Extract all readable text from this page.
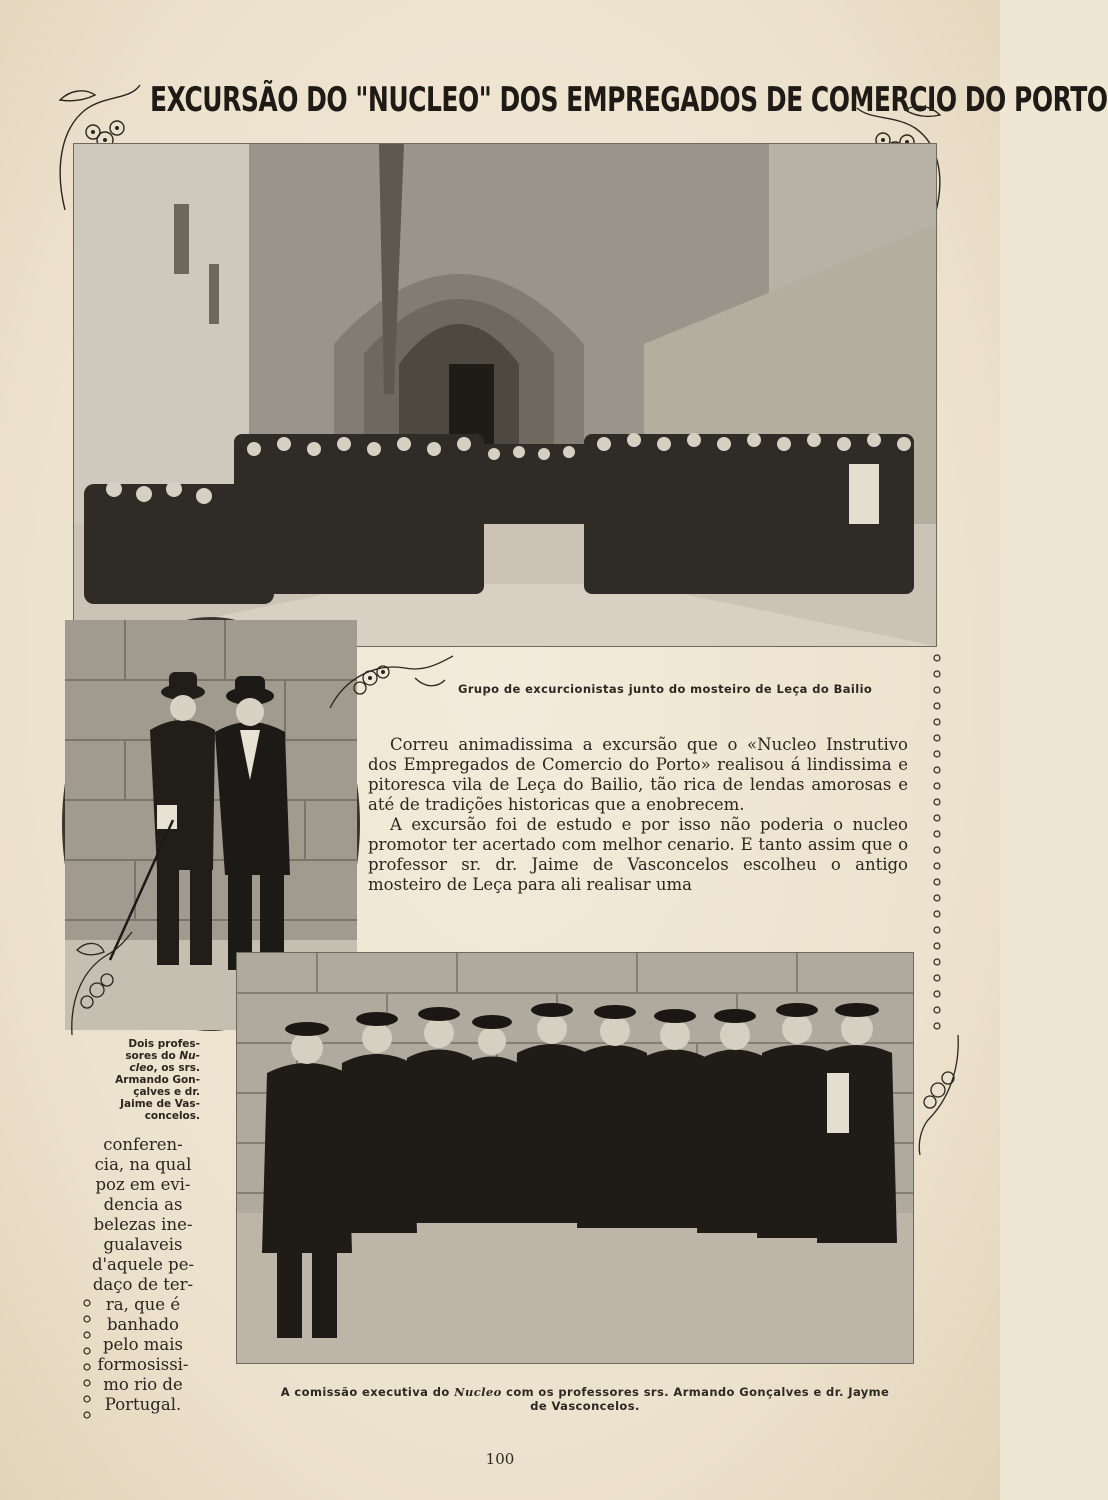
EXCURSÃO DO "NUCLEO" DOS EMPREGADOS DE COMERCIO DO PORTO
Grupo de excurcionistas junto do mosteiro de Leça do Bailio

Correu animadissima a excursão que o «Nucleo Instrutivo dos Empregados de Comercio do Porto» realisou á lindissima e pitoresca vila de Leça do Bailio, tão rica de lendas amorosas e até de tradições historicas que a enobrecem.

A excursão foi de estudo e por isso não poderia o nucleo promotor ter acertado com melhor cenario. E tanto assim que o professor sr. dr. Jaime de Vasconcelos escolheu o antigo mosteiro de Leça para ali realisar uma

Dois profes-
sores do Nu-
cleo, os srs.
Armando Gon-
çalves e dr.
Jaime de Vas-
concelos.
conferen-
cia, na qual
poz em evi-
dencia as
belezas ine-
gualaveis
d'aquele pe-
daço de ter-
ra, que é
banhado
pelo mais
formosissi-
mo rio de
Portugal.
A comissão executiva do Nucleo com os professores srs. Armando Gonçalves e dr. Jayme
de Vasconcelos.
100
